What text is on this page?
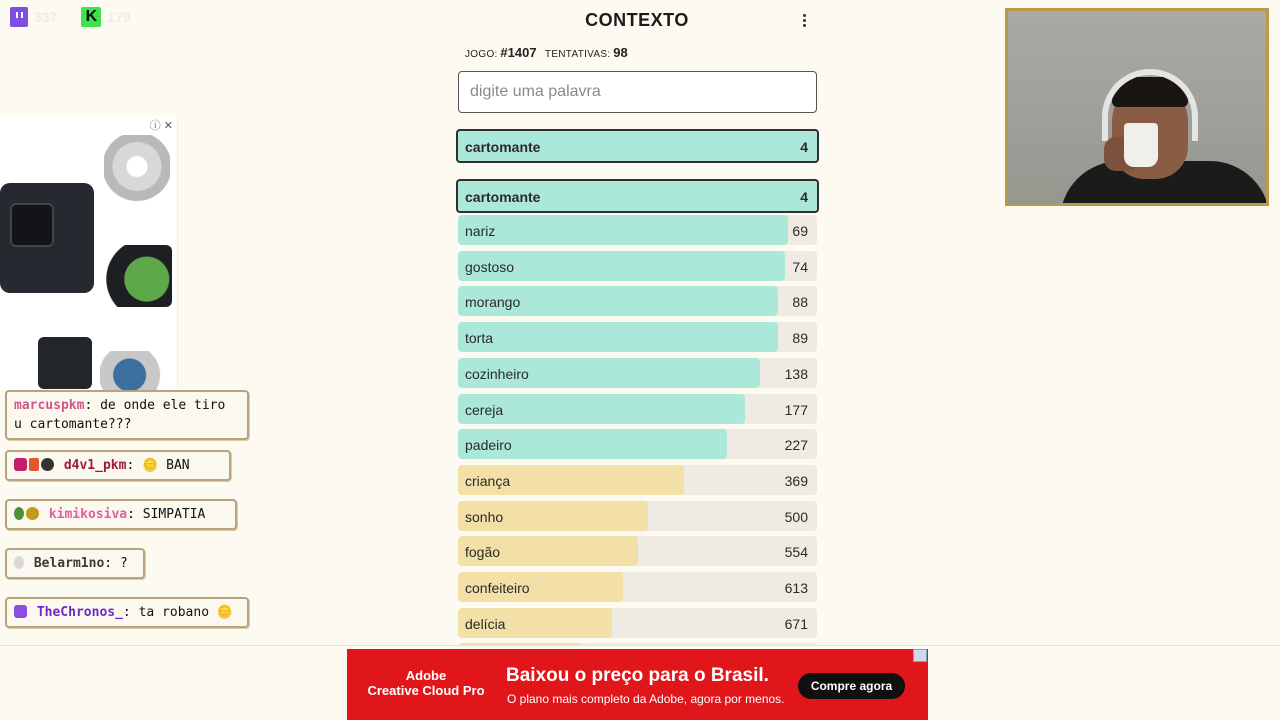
337 K 179
ⓘ ✕
marcuspkm: de onde ele tiro u cartomante???
d4v1_pkm: 🪙 BAN
kimikosiva: SIMPATIA
Belarm1no: ?
TheChronos_: ta robano 🪙
CONTEXTO
JOGO: #1407 TENTATIVAS: 98
digite uma palavra
cartomante	4
cartomante	4
nariz	69
gostoso	74
morango	88
torta	89
cozinheiro	138
cereja	177
padeiro	227
criança	369
sonho	500
fogão	554
confeiteiro	613
delícia	671
Adobe
Creative Cloud Pro
Baixou o preço para o Brasil.
O plano mais completo da Adobe, agora por menos.
Compre agora
